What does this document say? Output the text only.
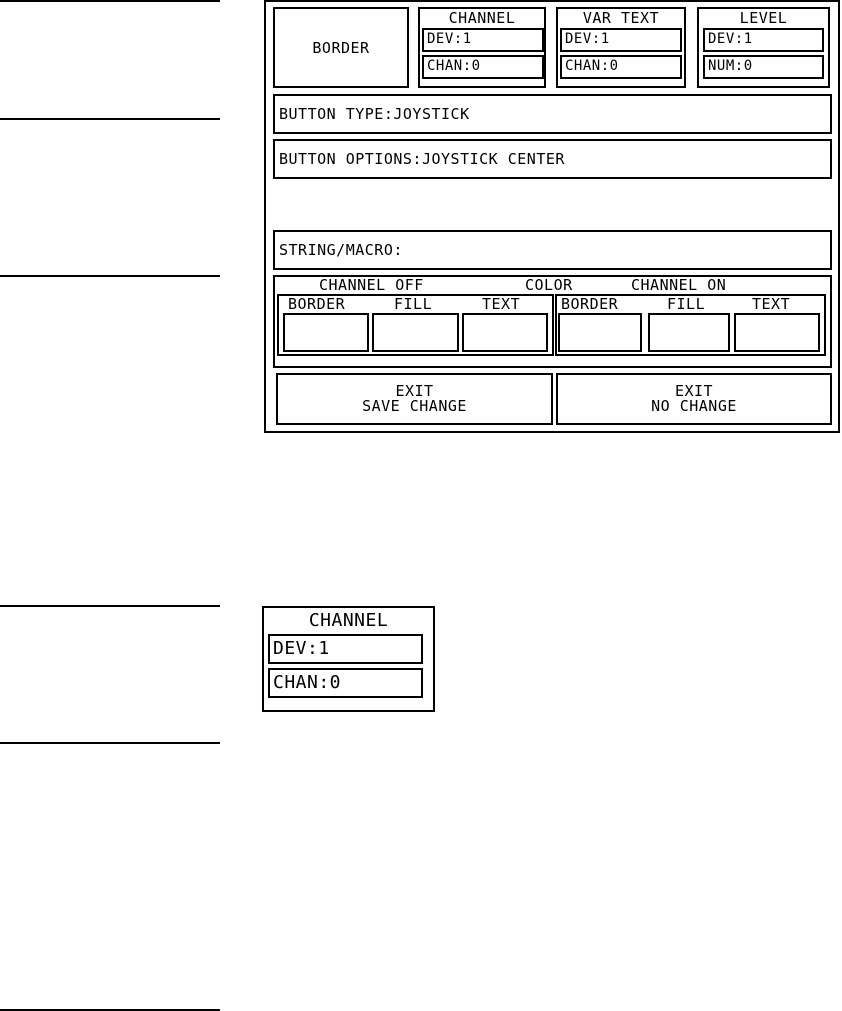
BORDER
CHANNEL
DEV:1
CHAN:0
VAR TEXT
DEV:1
CHAN:0
LEVEL
DEV:1
NUM:0
BUTTON TYPE:JOYSTICK
BUTTON OPTIONS:JOYSTICK CENTER
STRING/MACRO:
CHANNEL OFF	COLOR	CHANNEL ON
BORDER	FILL	TEXT	BORDER	FILL	TEXT
EXIT
SAVE CHANGE
EXIT
NO CHANGE
CHANNEL
DEV:1
CHAN:0
